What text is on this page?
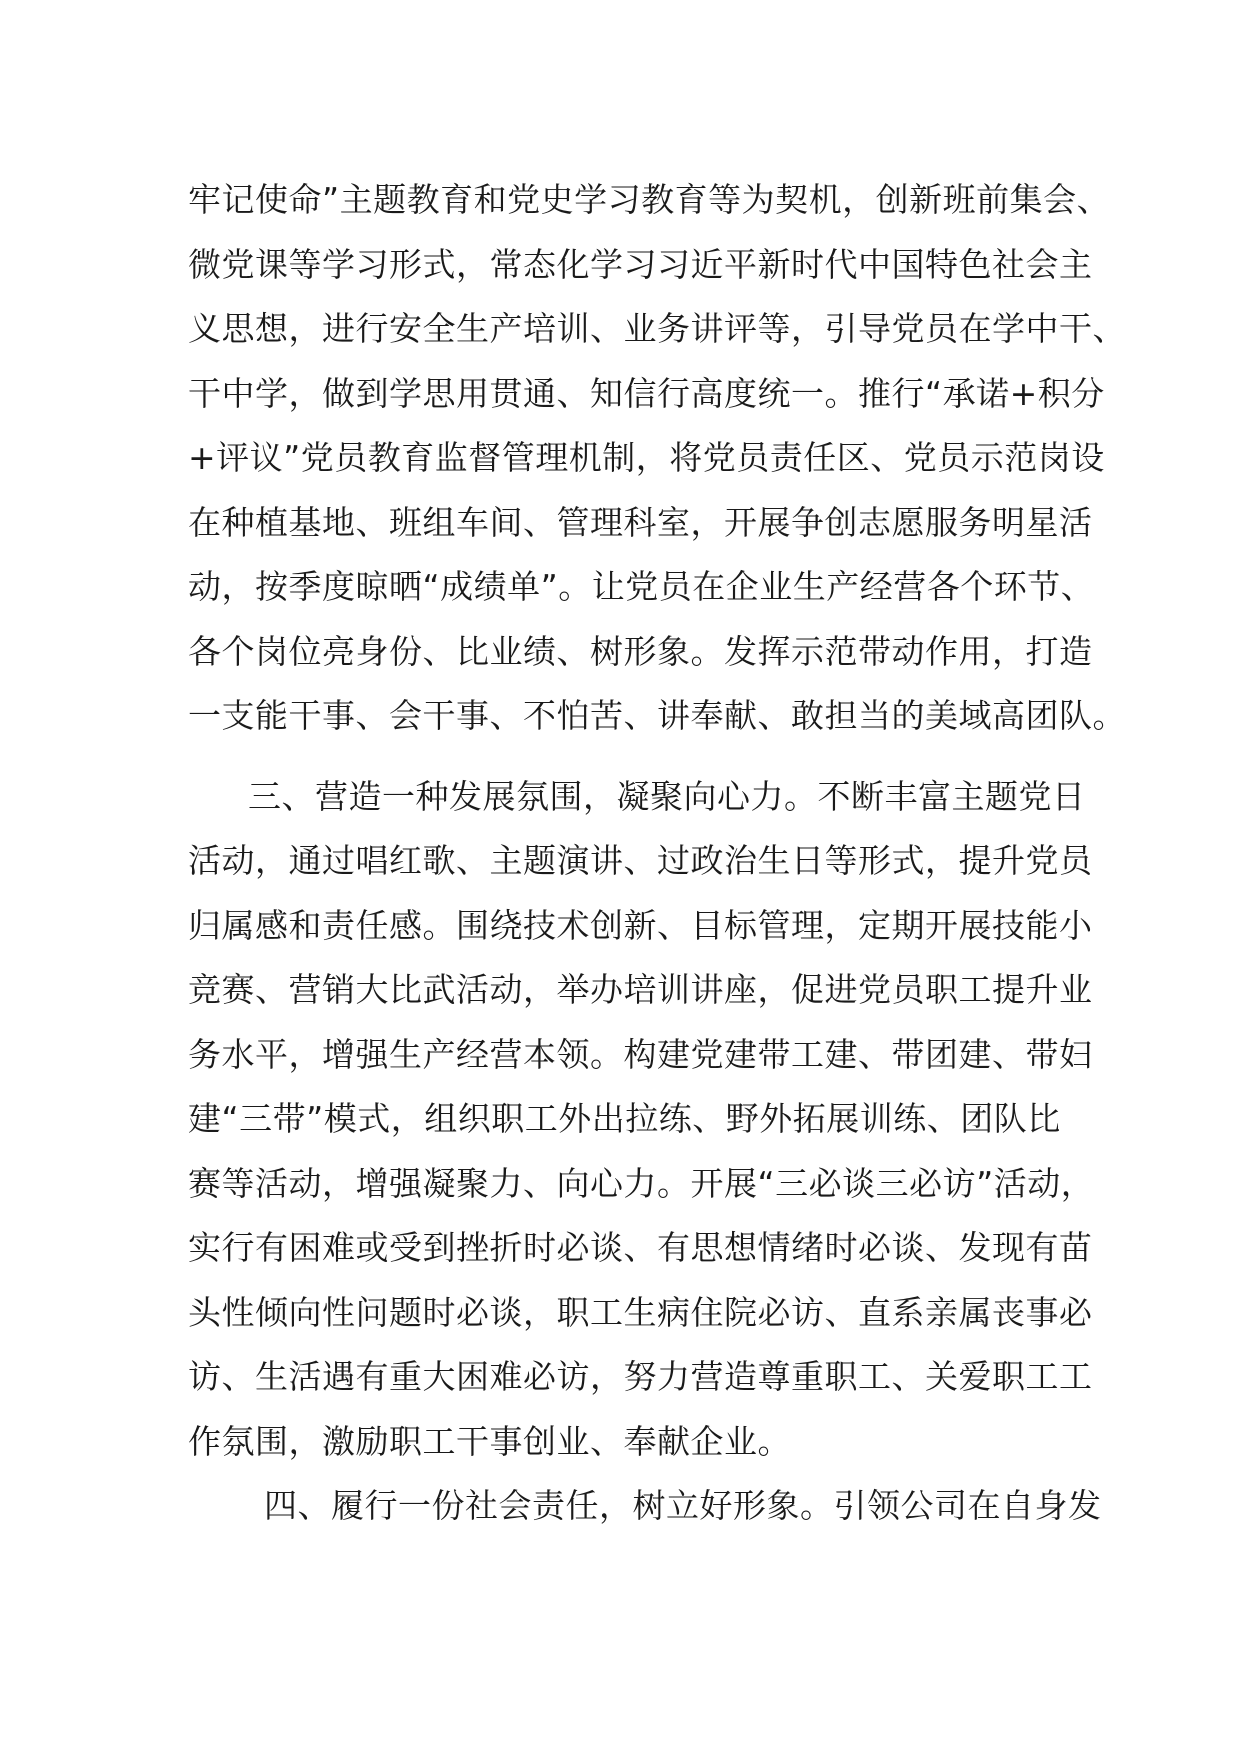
牢记使命”主题教育和党史学习教育等为契机，创新班前集会、
微党课等学习形式，常态化学习习近平新时代中国特色社会主
义思想，进行安全生产培训、业务讲评等，引导党员在学中干、
干中学，做到学思用贯通、知信行高度统一。推行“承诺+积分
+评议”党员教育监督管理机制，将党员责任区、党员示范岗设
在种植基地、班组车间、管理科室，开展争创志愿服务明星活
动，按季度晾晒“成绩单”。让党员在企业生产经营各个环节、
各个岗位亮身份、比业绩、树形象。发挥示范带动作用，打造
一支能干事、会干事、不怕苦、讲奉献、敢担当的美域高团队。
三、营造一种发展氛围，凝聚向心力。不断丰富主题党日
活动，通过唱红歌、主题演讲、过政治生日等形式，提升党员
归属感和责任感。围绕技术创新、目标管理，定期开展技能小
竞赛、营销大比武活动，举办培训讲座，促进党员职工提升业
务水平，增强生产经营本领。构建党建带工建、带团建、带妇
建“三带”模式，组织职工外出拉练、野外拓展训练、团队比
赛等活动，增强凝聚力、向心力。开展“三必谈三必访”活动，
实行有困难或受到挫折时必谈、有思想情绪时必谈、发现有苗
头性倾向性问题时必谈，职工生病住院必访、直系亲属丧事必
访、生活遇有重大困难必访，努力营造尊重职工、关爱职工工
作氛围，激励职工干事创业、奉献企业。
四、履行一份社会责任，树立好形象。引领公司在自身发
